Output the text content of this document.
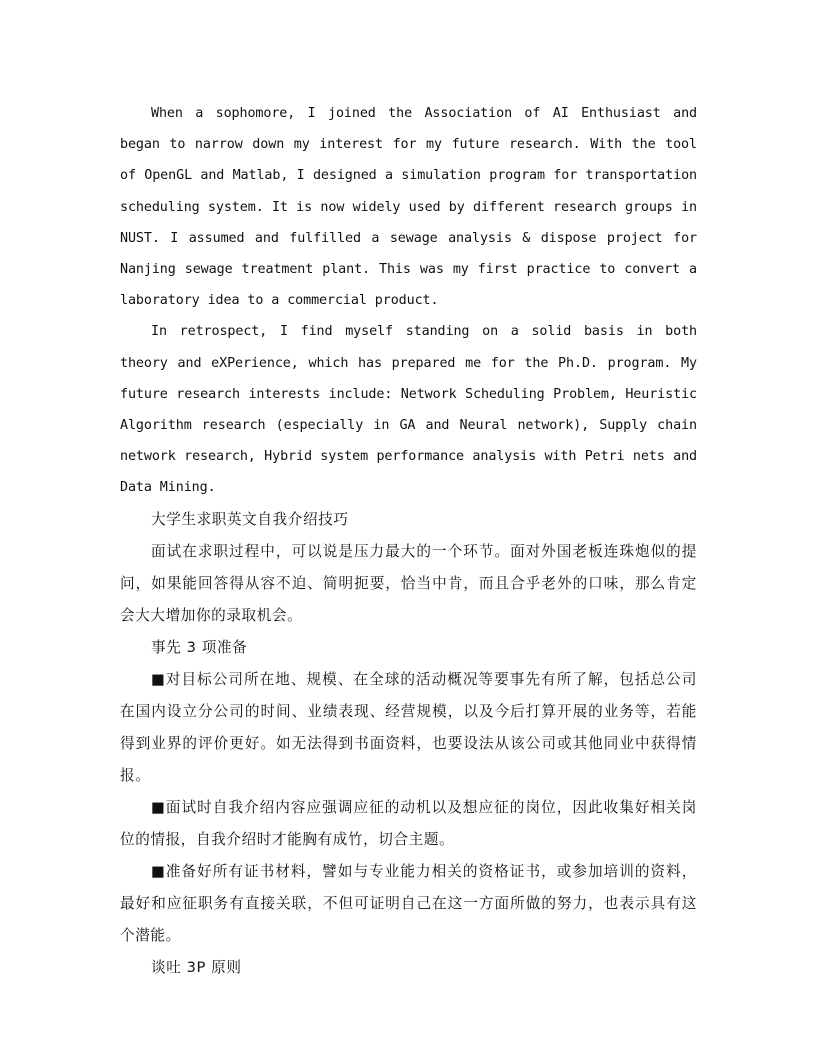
When a sophomore, I joined the Association of AI Enthusiast and began to narrow down my interest for my future research. With the tool of OpenGL and Matlab, I designed a simulation program for transportation scheduling system. It is now widely used by different research groups in NUST. I assumed and fulfilled a sewage analysis & dispose project for Nanjing sewage treatment plant. This was my first practice to convert a laboratory idea to a commercial product.

In retrospect, I find myself standing on a solid basis in both theory and eXPerience, which has prepared me for the Ph.D. program. My future research interests include: Network Scheduling Problem, Heuristic Algorithm research (especially in GA and Neural network), Supply chain network research, Hybrid system performance analysis with Petri nets and Data Mining.

大学生求职英文自我介绍技巧

面试在求职过程中，可以说是压力最大的一个环节。面对外国老板连珠炮似的提问，如果能回答得从容不迫、简明扼要，恰当中肯，而且合乎老外的口味，那么肯定会大大增加你的录取机会。

事先 3 项准备

■对目标公司所在地、规模、在全球的活动概况等要事先有所了解，包括总公司在国内设立分公司的时间、业绩表现、经营规模，以及今后打算开展的业务等，若能得到业界的评价更好。如无法得到书面资料，也要设法从该公司或其他同业中获得情报。

■面试时自我介绍内容应强调应征的动机以及想应征的岗位，因此收集好相关岗位的情报，自我介绍时才能胸有成竹，切合主题。

■准备好所有证书材料，譬如与专业能力相关的资格证书，或参加培训的资料，最好和应征职务有直接关联，不但可证明自己在这一方面所做的努力，也表示具有这个潜能。

谈吐 3P 原则
